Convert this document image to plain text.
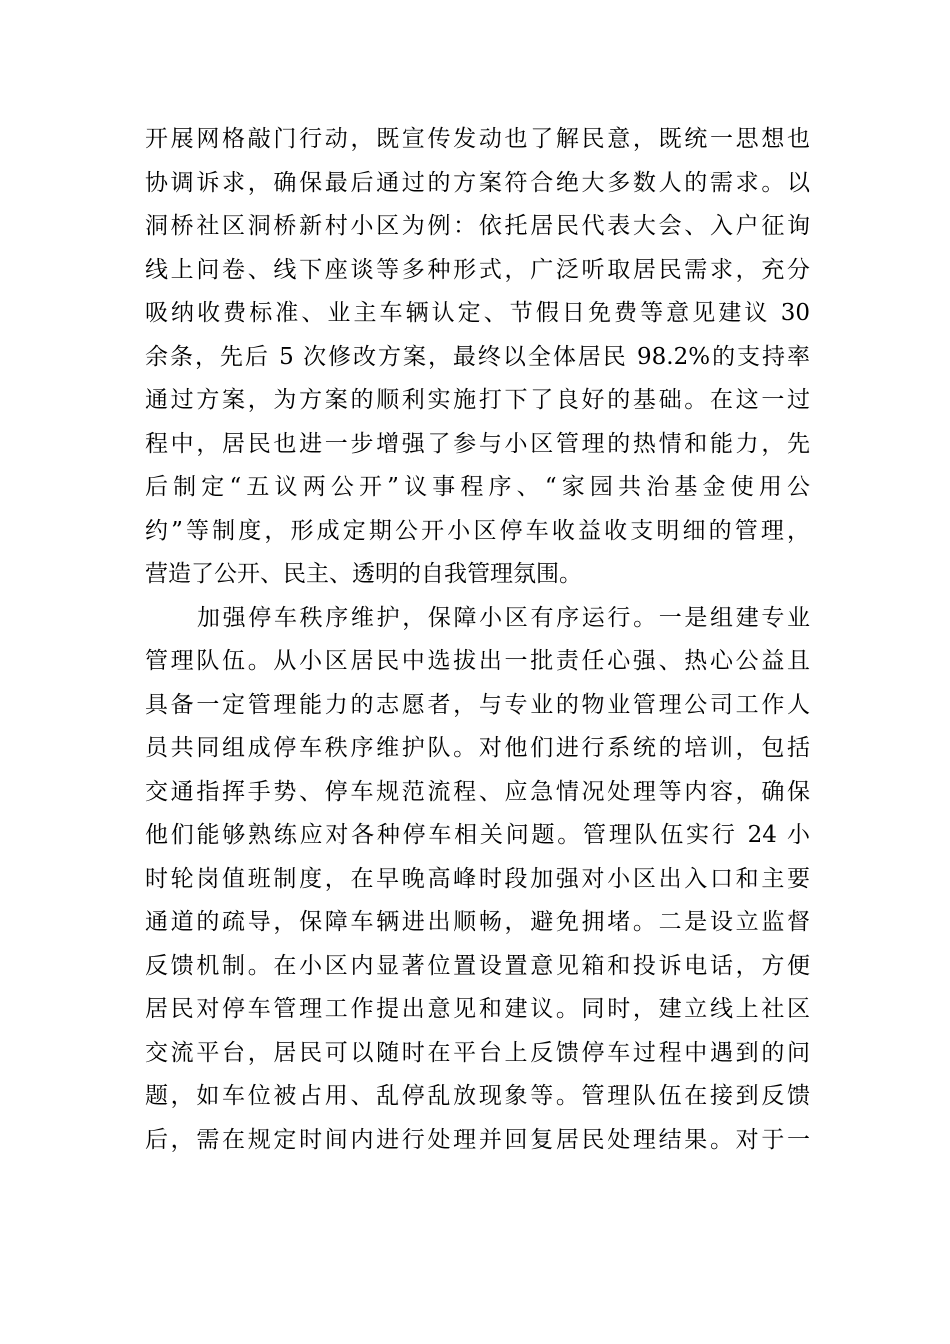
开展网格敲门行动，既宣传发动也了解民意，既统一思想也
协调诉求，确保最后通过的方案符合绝大多数人的需求。以
洞桥社区洞桥新村小区为例：依托居民代表大会、入户征询
线上问卷、线下座谈等多种形式，广泛听取居民需求，充分
吸纳收费标准、业主车辆认定、节假日免费等意见建议 30
余条，先后 5 次修改方案，最终以全体居民 98.2%的支持率
通过方案，为方案的顺利实施打下了良好的基础。在这一过
程中，居民也进一步增强了参与小区管理的热情和能力，先
后制定“五议两公开”议事程序、“家园共治基金使用公
约”等制度，形成定期公开小区停车收益收支明细的管理，
营造了公开、民主、透明的自我管理氛围。
加强停车秩序维护，保障小区有序运行。一是组建专业
管理队伍。从小区居民中选拔出一批责任心强、热心公益且
具备一定管理能力的志愿者，与专业的物业管理公司工作人
员共同组成停车秩序维护队。对他们进行系统的培训，包括
交通指挥手势、停车规范流程、应急情况处理等内容，确保
他们能够熟练应对各种停车相关问题。管理队伍实行 24 小
时轮岗值班制度，在早晚高峰时段加强对小区出入口和主要
通道的疏导，保障车辆进出顺畅，避免拥堵。二是设立监督
反馈机制。在小区内显著位置设置意见箱和投诉电话，方便
居民对停车管理工作提出意见和建议。同时，建立线上社区
交流平台，居民可以随时在平台上反馈停车过程中遇到的问
题，如车位被占用、乱停乱放现象等。管理队伍在接到反馈
后，需在规定时间内进行处理并回复居民处理结果。对于一
